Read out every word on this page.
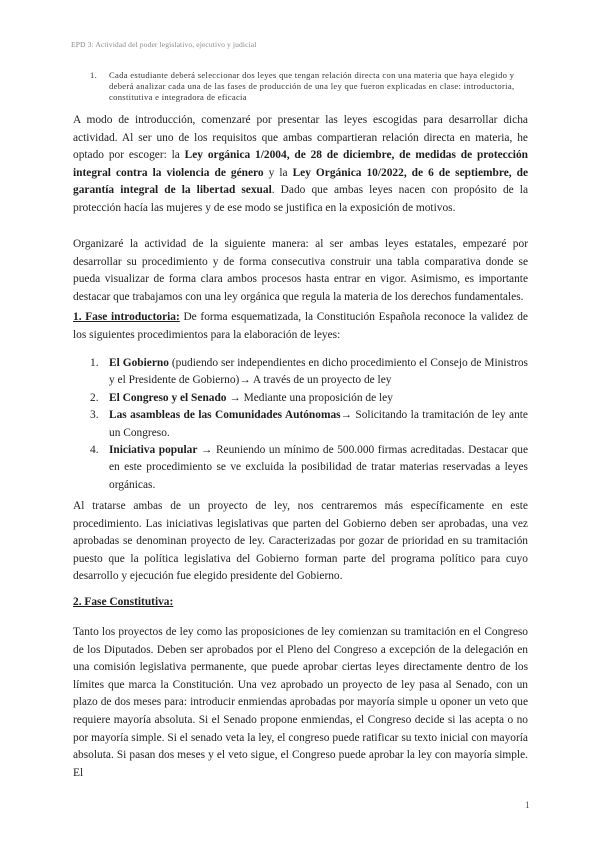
EPD 3: Actividad del poder legislativo, ejecutivo y judicial
1.	Cada estudiante deberá seleccionar dos leyes que tengan relación directa con una materia que haya elegido y deberá analizar cada una de las fases de producción de una ley que fueron explicadas en clase: introductoria, constitutiva e integradora de eficacia

A modo de introducción, comenzaré por presentar las leyes escogidas para desarrollar dicha actividad. Al ser uno de los requisitos que ambas compartieran relación directa en materia, he optado por escoger: la Ley orgánica 1/2004, de 28 de diciembre, de medidas de protección integral contra la violencia de género y la Ley Orgánica 10/2022, de 6 de septiembre, de garantía integral de la libertad sexual. Dado que ambas leyes nacen con propósito de la protección hacía las mujeres y de ese modo se justifica en la exposición de motivos.

Organizaré la actividad de la siguiente manera: al ser ambas leyes estatales, empezaré por desarrollar su procedimiento y de forma consecutiva construir una tabla comparativa donde se pueda visualizar de forma clara ambos procesos hasta entrar en vigor. Asimismo, es importante destacar que trabajamos con una ley orgánica que regula la materia de los derechos fundamentales.

1. Fase introductoria: De forma esquematizada, la Constitución Española reconoce la validez de los siguientes procedimientos para la elaboración de leyes:

1. El Gobierno (pudiendo ser independientes en dicho procedimiento el Consejo de Ministros y el Presidente de Gobierno)→ A través de un proyecto de ley
2. El Congreso y el Senado → Mediante una proposición de ley
3. Las asambleas de las Comunidades Autónomas→ Solicitando la tramitación de ley ante un Congreso.
4. Iniciativa popular → Reuniendo un mínimo de 500.000 firmas acreditadas. Destacar que en este procedimiento se ve excluida la posibilidad de tratar materias reservadas a leyes orgánicas.

Al tratarse ambas de un proyecto de ley, nos centraremos más específicamente en este procedimiento. Las iniciativas legislativas que parten del Gobierno deben ser aprobadas, una vez aprobadas se denominan proyecto de ley. Caracterizadas por gozar de prioridad en su tramitación puesto que la política legislativa del Gobierno forman parte del programa político para cuyo desarrollo y ejecución fue elegido presidente del Gobierno.

2. Fase Constitutiva:

Tanto los proyectos de ley como las proposiciones de ley comienzan su tramitación en el Congreso de los Diputados. Deben ser aprobados por el Pleno del Congreso a excepción de la delegación en una comisión legislativa permanente, que puede aprobar ciertas leyes directamente dentro de los límites que marca la Constitución. Una vez aprobado un proyecto de ley pasa al Senado, con un plazo de dos meses para: introducir enmiendas aprobadas por mayoría simple u oponer un veto que requiere mayoría absoluta. Si el Senado propone enmiendas, el Congreso decide si las acepta o no por mayoría simple. Si el senado veta la ley, el congreso puede ratificar su texto inicial con mayoría absoluta. Si pasan dos meses y el veto sigue, el Congreso puede aprobar la ley con mayoría simple. El

1
